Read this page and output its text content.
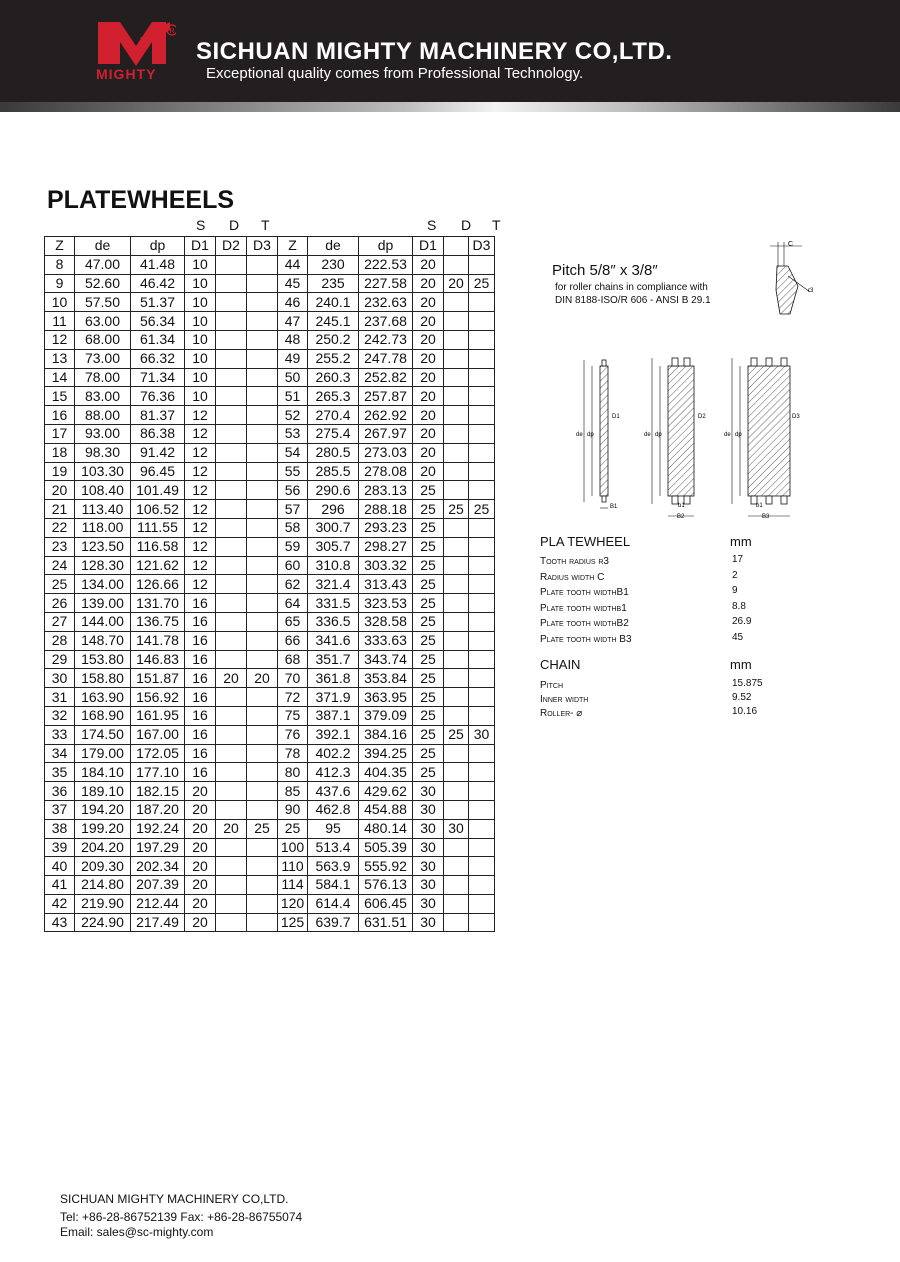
R
MIGHTY
SICHUAN MIGHTY MACHINERY CO,LTD.
Exceptional quality comes from Professional Technology.
PLATEWHEELS
S D T	S D T
Z	de	dp	D1	D2	D3	Z	de	dp	D1		D3
8	47.00	41.48	10			44	230	222.53	20		
9	52.60	46.42	10			45	235	227.58	20	20	25
10	57.50	51.37	10			46	240.1	232.63	20		
11	63.00	56.34	10			47	245.1	237.68	20		
12	68.00	61.34	10			48	250.2	242.73	20		
13	73.00	66.32	10			49	255.2	247.78	20		
14	78.00	71.34	10			50	260.3	252.82	20		
15	83.00	76.36	10			51	265.3	257.87	20		
16	88.00	81.37	12			52	270.4	262.92	20		
17	93.00	86.38	12			53	275.4	267.97	20		
18	98.30	91.42	12			54	280.5	273.03	20		
19	103.30	96.45	12			55	285.5	278.08	20		
20	108.40	101.49	12			56	290.6	283.13	25		
21	113.40	106.52	12			57	296	288.18	25	25	25
22	118.00	111.55	12			58	300.7	293.23	25		
23	123.50	116.58	12			59	305.7	298.27	25		
24	128.30	121.62	12			60	310.8	303.32	25		
25	134.00	126.66	12			62	321.4	313.43	25		
26	139.00	131.70	16			64	331.5	323.53	25		
27	144.00	136.75	16			65	336.5	328.58	25		
28	148.70	141.78	16			66	341.6	333.63	25		
29	153.80	146.83	16			68	351.7	343.74	25		
30	158.80	151.87	16	20	20	70	361.8	353.84	25		
31	163.90	156.92	16			72	371.9	363.95	25		
32	168.90	161.95	16			75	387.1	379.09	25		
33	174.50	167.00	16			76	392.1	384.16	25	25	30
34	179.00	172.05	16			78	402.2	394.25	25		
35	184.10	177.10	16			80	412.3	404.35	25		
36	189.10	182.15	20			85	437.6	429.62	30		
37	194.20	187.20	20			90	462.8	454.88	30		
38	199.20	192.24	20	20	25	25	95	480.14	30	30	
39	204.20	197.29	20			100	513.4	505.39	30		
40	209.30	202.34	20			110	563.9	555.92	30		
41	214.80	207.39	20			114	584.1	576.13	30		
42	219.90	212.44	20			120	614.4	606.45	30		
43	224.90	217.49	20			125	639.7	631.51	30		
Pitch 5/8″ x 3/8″
for roller chains in compliance with
DIN 8188-ISO/R 606 - ANSI B 29.1
C
r3
de dp
D1
B1
de dp
D2
b1
B2
de dp
D3
b1
B3
PLA TEWHEEL	mm
Tooth radius r3	17
Radius width C	2
Plate tooth widthB1	9
Plate tooth widthb1	8.8
Plate tooth widthB2	26.9
Plate tooth width B3	45
CHAIN	mm
Pitch	15.875
Inner width	9.52
Roller- ⌀	10.16
SICHUAN MIGHTY MACHINERY CO,LTD.
Tel: +86-28-86752139 Fax: +86-28-86755074
Email: sales@sc-mighty.com
